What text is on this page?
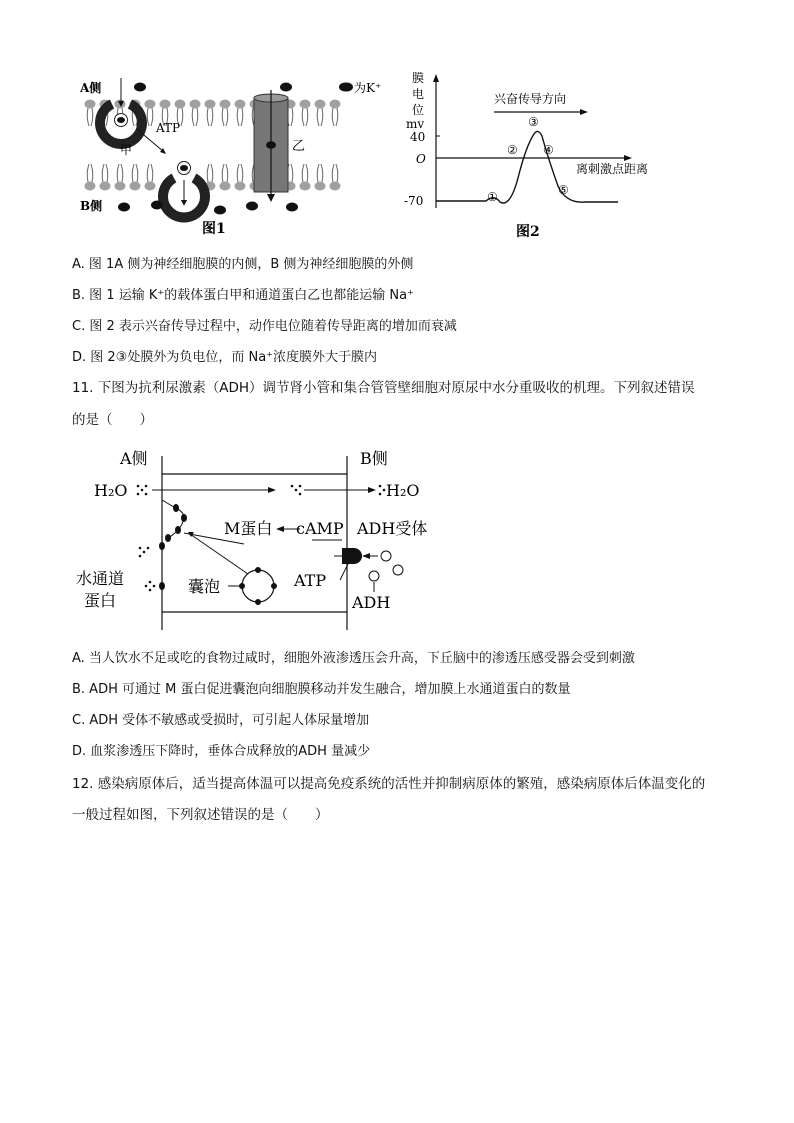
A侧
B侧
ATP
甲	乙
图1
为K⁺
膜
电
位
mv
40
O
-70
兴奋传导方向
离刺激点距离
①
②
③
④
⑤
图2
A. 图 1A 侧为神经细胞膜的内侧，B 侧为神经细胞膜的外侧
B. 图 1 运输 K⁺的载体蛋白甲和通道蛋白乙也都能运输 Na⁺
C. 图 2 表示兴奋传导过程中，动作电位随着传导距离的增加而衰减
D. 图 2③处膜外为负电位，而 Na⁺浓度膜外大于膜内
11. 下图为抗利尿激素（ADH）调节肾小管和集合管管壁细胞对原尿中水分重吸收的机理。下列叙述错误
的是（　　）
A侧	B侧
H₂O	H₂O
M蛋白 cAMP ADH受体
囊泡	ATP
水通道
蛋白	ADH
A. 当人饮水不足或吃的食物过咸时，细胞外液渗透压会升高，下丘脑中的渗透压感受器会受到刺激
B. ADH 可通过 M 蛋白促进囊泡向细胞膜移动并发生融合，增加膜上水通道蛋白的数量
C. ADH 受体不敏感或受损时，可引起人体尿量增加
D. 血浆渗透压下降时，垂体合成释放的ADH 量减少
12. 感染病原体后，适当提高体温可以提高免疫系统的活性并抑制病原体的繁殖，感染病原体后体温变化的
一般过程如图，下列叙述错误的是（　　）
